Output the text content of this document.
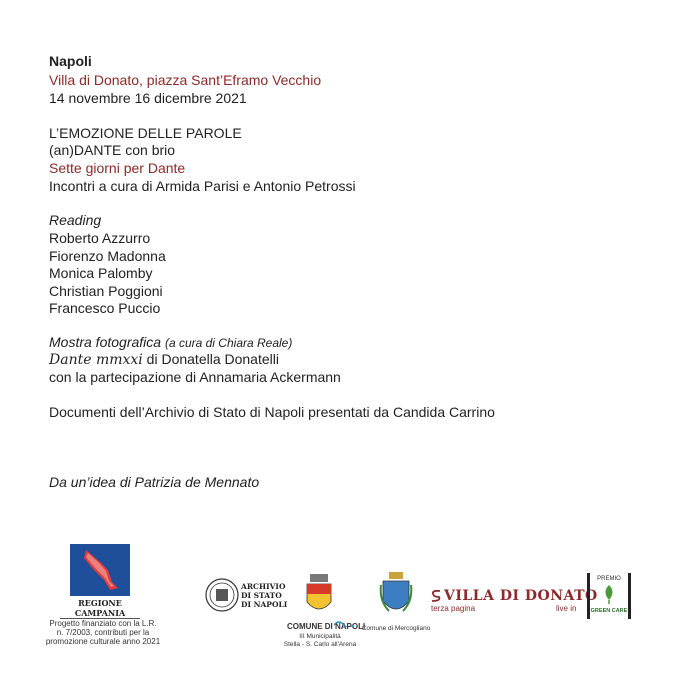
Napoli
Villa di Donato, piazza Sant’Eframo Vecchio
14 novembre 16 dicembre 2021
L’EMOZIONE DELLE PAROLE
(an)DANTE con brio
Sette giorni per Dante
Incontri a cura di Armida Parisi e Antonio Petrossi
Reading
Roberto Azzurro
Fiorenzo Madonna
Monica Palomby
Christian Poggioni
Francesco Puccio
Mostra fotografica (a cura di Chiara Reale)
Dante mmxxi di Donatella Donatelli
con la partecipazione di Annamaria Ackermann
Documenti dell’Archivio di Stato di Napoli presentati da Candida Carrino
Da un’idea di Patrizia de Mennato
REGIONE CAMPANIA
Progetto finanziato con la L.R.
n. 7/2003, contributi per la
promozione culturale anno 2021
ARCHIVIO
DI STATO
DI NAPOLI
COMUNE DI NAPOLI
III Municipalità
Stella - S. Carlo all'Arena
Comune di Mercogliano
VILLA DI DONATO
terza pagina	live in
PREMIO
GREEN CARE
